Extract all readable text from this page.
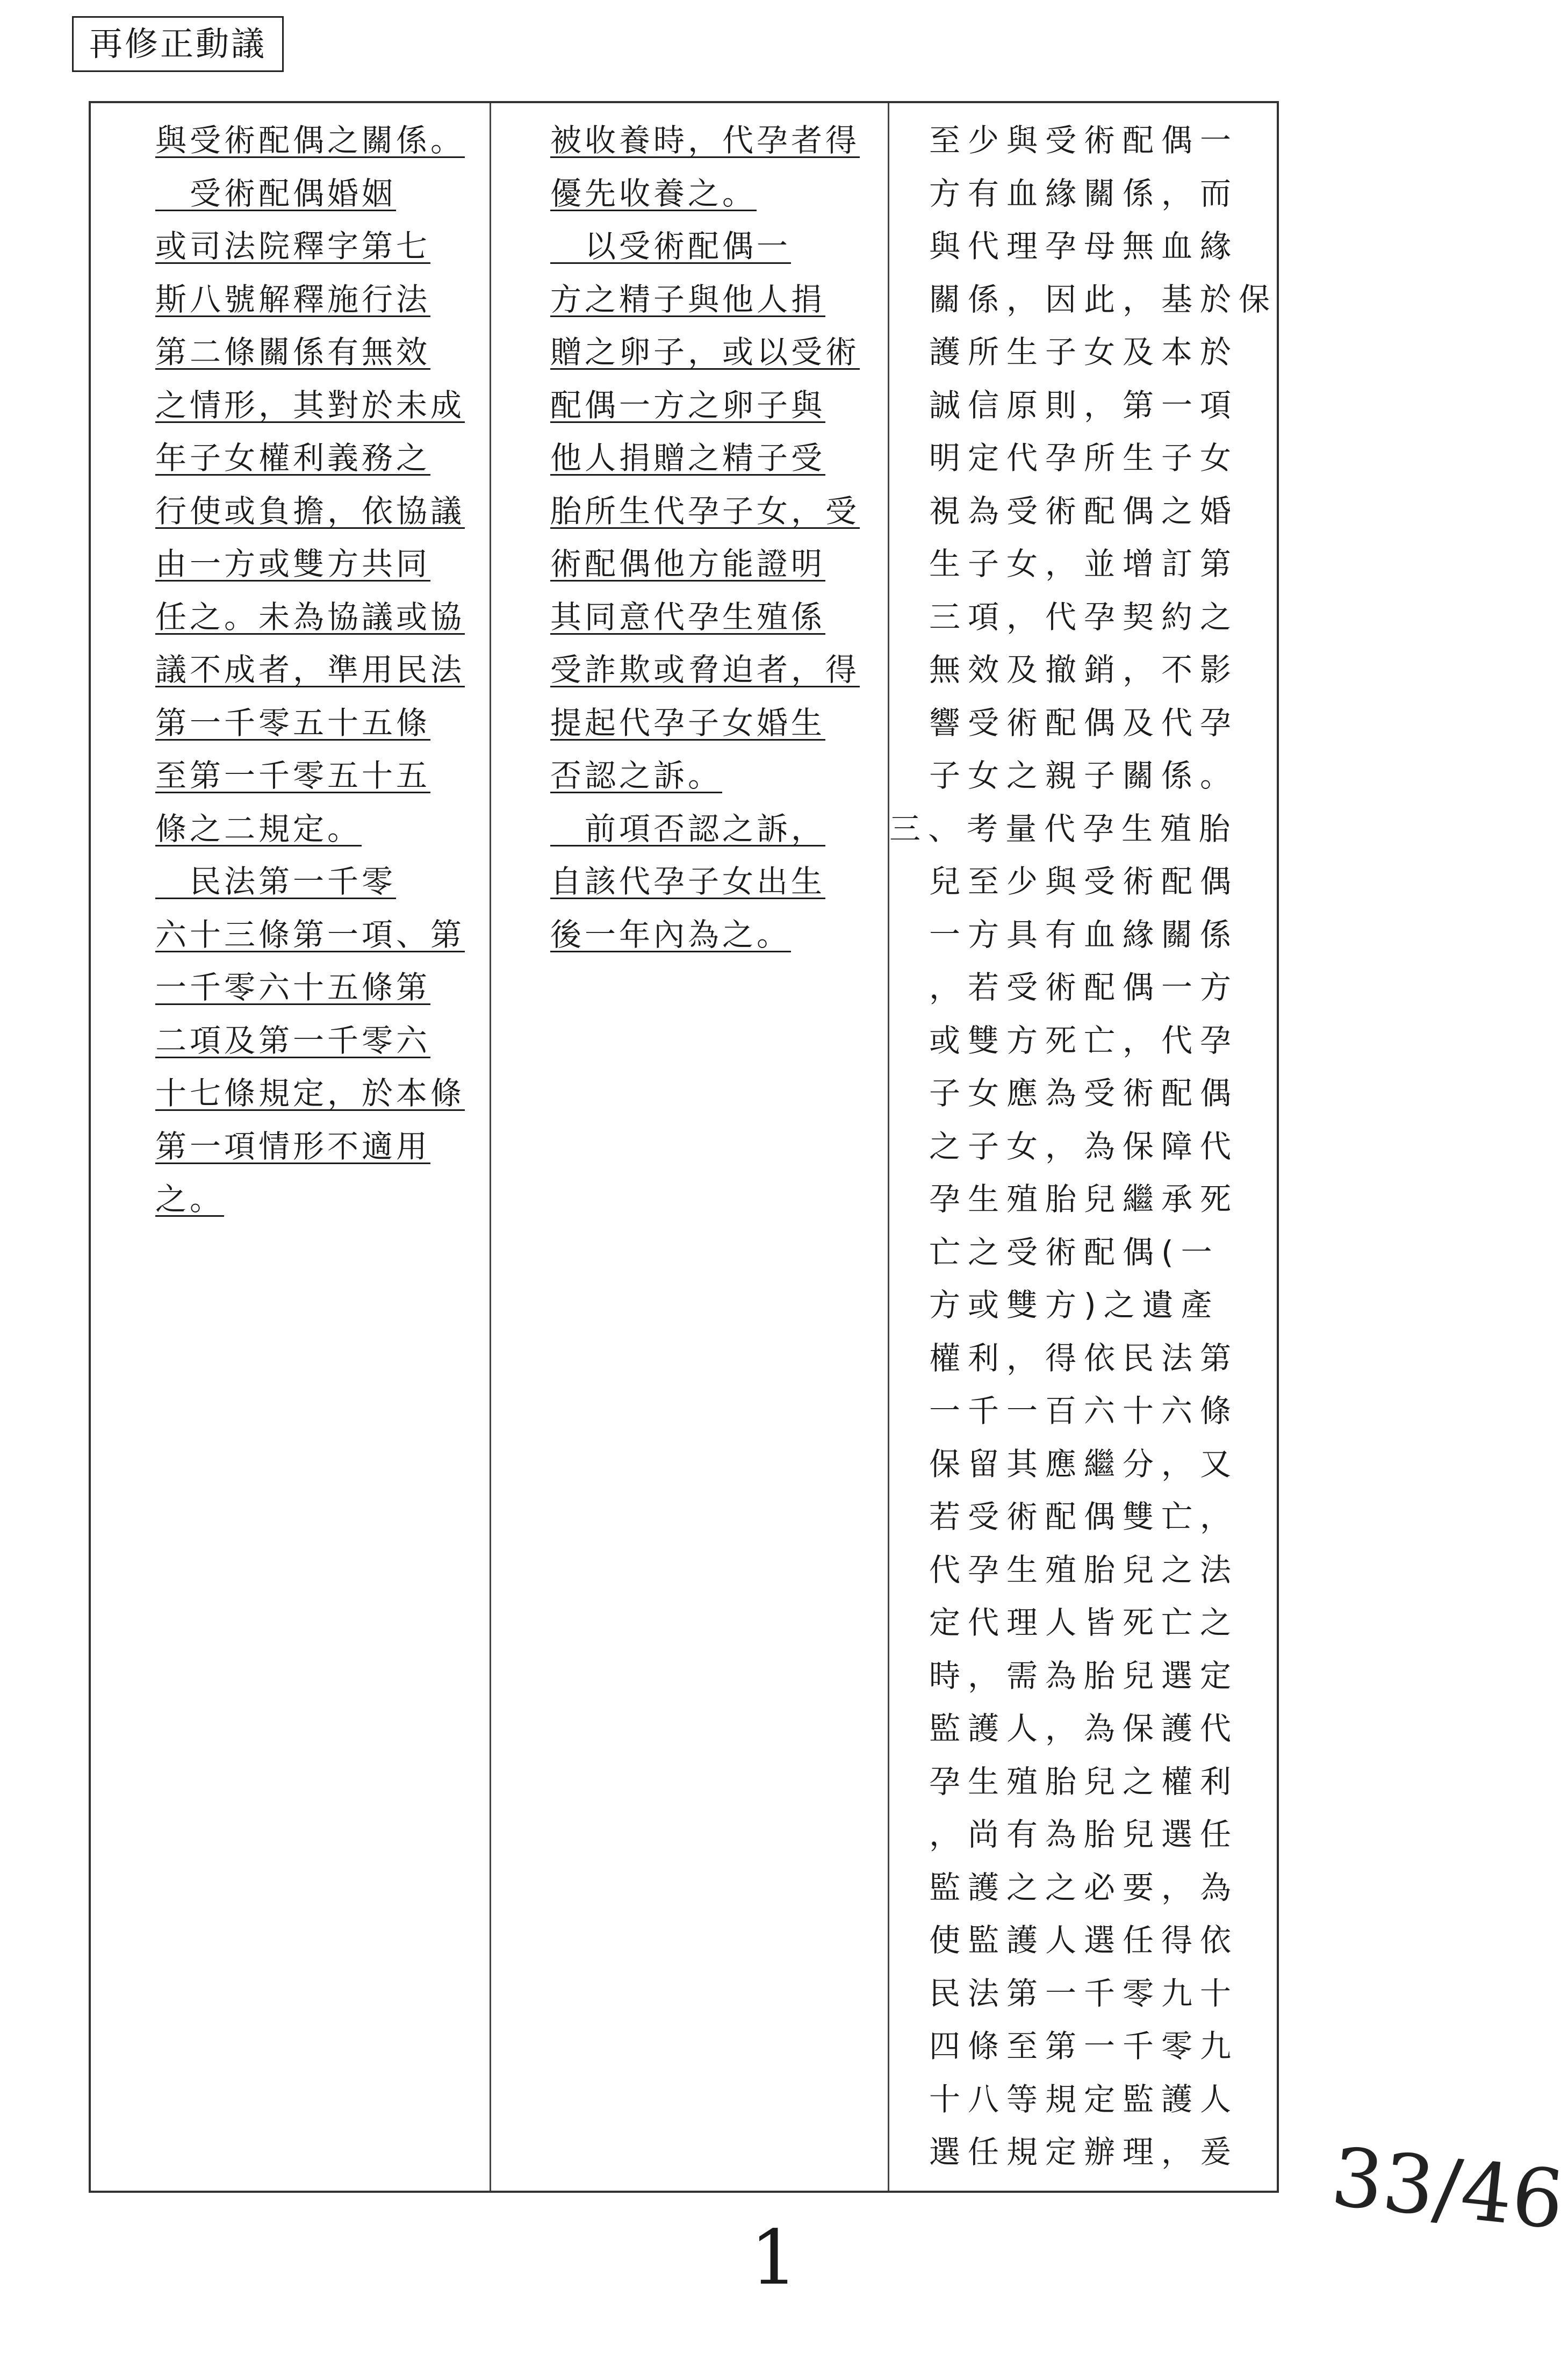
再修正動議
與受術配偶之關係。
　受術配偶婚姻
或司法院釋字第七
斯八號解釋施行法
第二條關係有無效
之情形，其對於未成
年子女權利義務之
行使或負擔，依協議
由一方或雙方共同
任之。未為協議或協
議不成者，準用民法
第一千零五十五條
至第一千零五十五
條之二規定。
　民法第一千零
六十三條第一項、第
一千零六十五條第
二項及第一千零六
十七條規定，於本條
第一項情形不適用
之。
被收養時，代孕者得
優先收養之。
　以受術配偶一
方之精子與他人捐
贈之卵子，或以受術
配偶一方之卵子與
他人捐贈之精子受
胎所生代孕子女，受
術配偶他方能證明
其同意代孕生殖係
受詐欺或脅迫者，得
提起代孕子女婚生
否認之訴。
　前項否認之訴，
自該代孕子女出生
後一年內為之。
至少與受術配偶一
方有血緣關係，而
與代理孕母無血緣
關係，因此，基於保
護所生子女及本於
誠信原則，第一項
明定代孕所生子女
視為受術配偶之婚
生子女，並增訂第
三項，代孕契約之
無效及撤銷，不影
響受術配偶及代孕
子女之親子關係。
三、考量代孕生殖胎
兒至少與受術配偶
一方具有血緣關係
，若受術配偶一方
或雙方死亡，代孕
子女應為受術配偶
之子女，為保障代
孕生殖胎兒繼承死
亡之受術配偶(一
方或雙方)之遺產
權利，得依民法第
一千一百六十六條
保留其應繼分，又
若受術配偶雙亡，
代孕生殖胎兒之法
定代理人皆死亡之
時，需為胎兒選定
監護人，為保護代
孕生殖胎兒之權利
，尚有為胎兒選任
監護之之必要，為
使監護人選任得依
民法第一千零九十
四條至第一千零九
十八等規定監護人
選任規定辦理，爰
1
33/46
